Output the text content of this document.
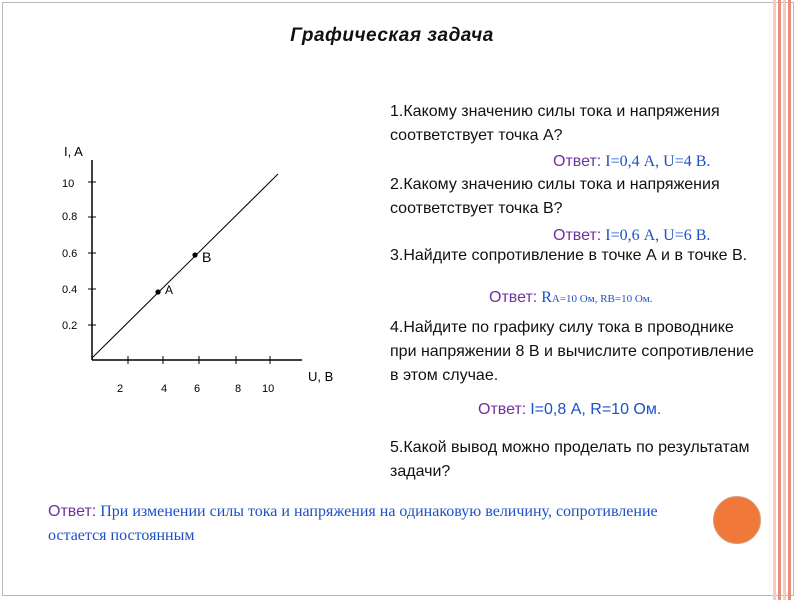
Графическая задача
I, A
U, B
10
0.8
0.6
0.4
0.2
2	4 6	8 10
A
B

1.Какому значению силы тока и напряжения соответствует точка А?

Ответ: I=0,4 А, U=4 В.

2.Какому значению силы тока и напряжения соответствует точка В?

Ответ: I=0,6 А, U=6 В.

3.Найдите сопротивление в точке А и в точке В.

Ответ: RA=10 Ом, RB=10 Ом.

4.Найдите по графику силу тока в проводнике при напряжении 8 В и вычислите сопротивление в этом случае.

Ответ: I=0,8 А, R=10 Ом.

5.Какой вывод можно проделать по результатам задачи?

Ответ: При изменении силы тока и напряжения на одинаковую величину, сопротивление остается постоянным
